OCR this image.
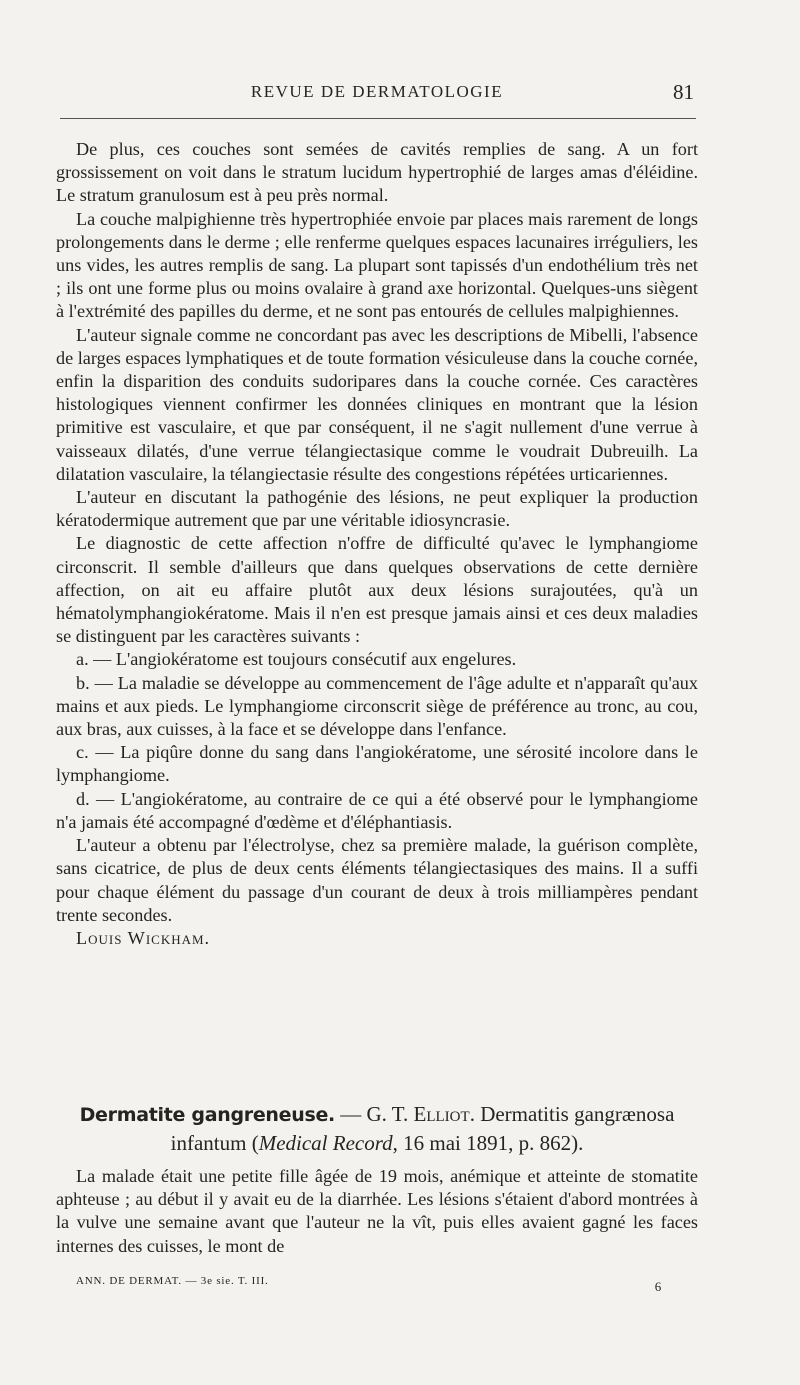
REVUE DE DERMATOLOGIE	81

De plus, ces couches sont semées de cavités remplies de sang. A un fort grossissement on voit dans le stratum lucidum hypertrophié de larges amas d'éléidine. Le stratum granulosum est à peu près normal.

La couche malpighienne très hypertrophiée envoie par places mais rarement de longs prolongements dans le derme ; elle renferme quelques espaces lacunaires irréguliers, les uns vides, les autres remplis de sang. La plupart sont tapissés d'un endothélium très net ; ils ont une forme plus ou moins ovalaire à grand axe horizontal. Quelques-uns siègent à l'extrémité des papilles du derme, et ne sont pas entourés de cellules malpighiennes.

L'auteur signale comme ne concordant pas avec les descriptions de Mibelli, l'absence de larges espaces lymphatiques et de toute formation vésiculeuse dans la couche cornée, enfin la disparition des conduits sudoripares dans la couche cornée. Ces caractères histologiques viennent confirmer les données cliniques en montrant que la lésion primitive est vasculaire, et que par conséquent, il ne s'agit nullement d'une verrue à vaisseaux dilatés, d'une verrue télangiectasique comme le voudrait Dubreuilh. La dilatation vasculaire, la télangiectasie résulte des congestions répétées urticariennes.

L'auteur en discutant la pathogénie des lésions, ne peut expliquer la production kératodermique autrement que par une véritable idiosyncrasie.

Le diagnostic de cette affection n'offre de difficulté qu'avec le lymphangiome circonscrit. Il semble d'ailleurs que dans quelques observations de cette dernière affection, on ait eu affaire plutôt aux deux lésions surajoutées, qu'à un hématolymphangiokératome. Mais il n'en est presque jamais ainsi et ces deux maladies se distinguent par les caractères suivants :

a. — L'angiokératome est toujours consécutif aux engelures.

b. — La maladie se développe au commencement de l'âge adulte et n'apparaît qu'aux mains et aux pieds. Le lymphangiome circonscrit siège de préférence au tronc, au cou, aux bras, aux cuisses, à la face et se développe dans l'enfance.

c. — La piqûre donne du sang dans l'angiokératome, une sérosité incolore dans le lymphangiome.

d. — L'angiokératome, au contraire de ce qui a été observé pour le lymphangiome n'a jamais été accompagné d'œdème et d'éléphantiasis.

L'auteur a obtenu par l'électrolyse, chez sa première malade, la guérison complète, sans cicatrice, de plus de deux cents éléments télangiectasiques des mains. Il a suffi pour chaque élément du passage d'un courant de deux à trois milliampères pendant trente secondes.

Louis Wickham.

Dermatite gangreneuse. — G. T. Elliot. Dermatitis gangrænosa
infantum (Medical Record, 16 mai 1891, p. 862).

La malade était une petite fille âgée de 19 mois, anémique et atteinte de stomatite aphteuse ; au début il y avait eu de la diarrhée. Les lésions s'étaient d'abord montrées à la vulve une semaine avant que l'auteur ne la vît, puis elles avaient gagné les faces internes des cuisses, le mont de

ANN. DE DERMAT. — 3e sie. T. III.	6
